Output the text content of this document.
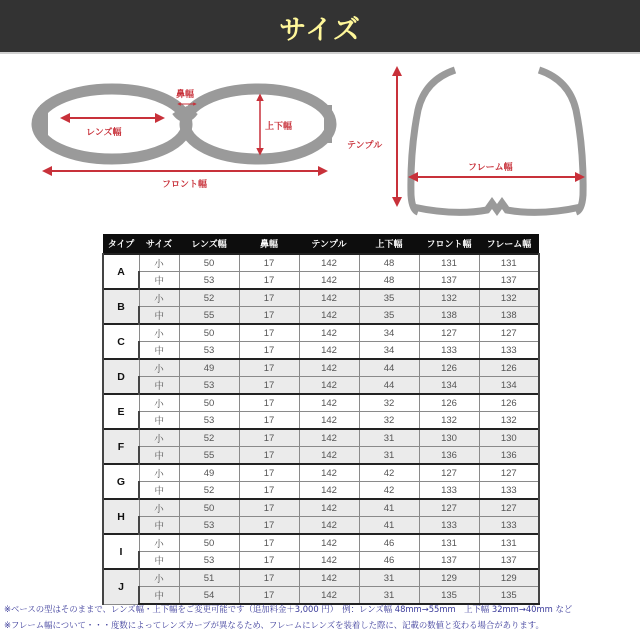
サイズ
鼻幅
レンズ幅
上下幅
フロント幅
テンプル
フレーム幅
タイプ	サイズ	レンズ幅	鼻幅	テンプル	上下幅	フロント幅	フレーム幅
A	小	50	17	142	48	131	131
	中	53	17	142	48	137	137
B	小	52	17	142	35	132	132
	中	55	17	142	35	138	138
C	小	50	17	142	34	127	127
	中	53	17	142	34	133	133
D	小	49	17	142	44	126	126
	中	53	17	142	44	134	134
E	小	50	17	142	32	126	126
	中	53	17	142	32	132	132
F	小	52	17	142	31	130	130
	中	55	17	142	31	136	136
G	小	49	17	142	42	127	127
	中	52	17	142	42	133	133
H	小	50	17	142	41	127	127
	中	53	17	142	41	133	133
I	小	50	17	142	46	131	131
	中	53	17	142	46	137	137
J	小	51	17	142	31	129	129
	中	54	17	142	31	135	135
※ベースの型はそのままで、レンズ幅・上下幅をご変更可能です（追加料金＋3,000 円）　例：レンズ幅 48mm→55mm　上下幅 32mm→40mm など
※フレーム幅について・・・度数によってレンズカーブが異なるため、フレームにレンズを装着した際に、記載の数値と変わる場合があります。
